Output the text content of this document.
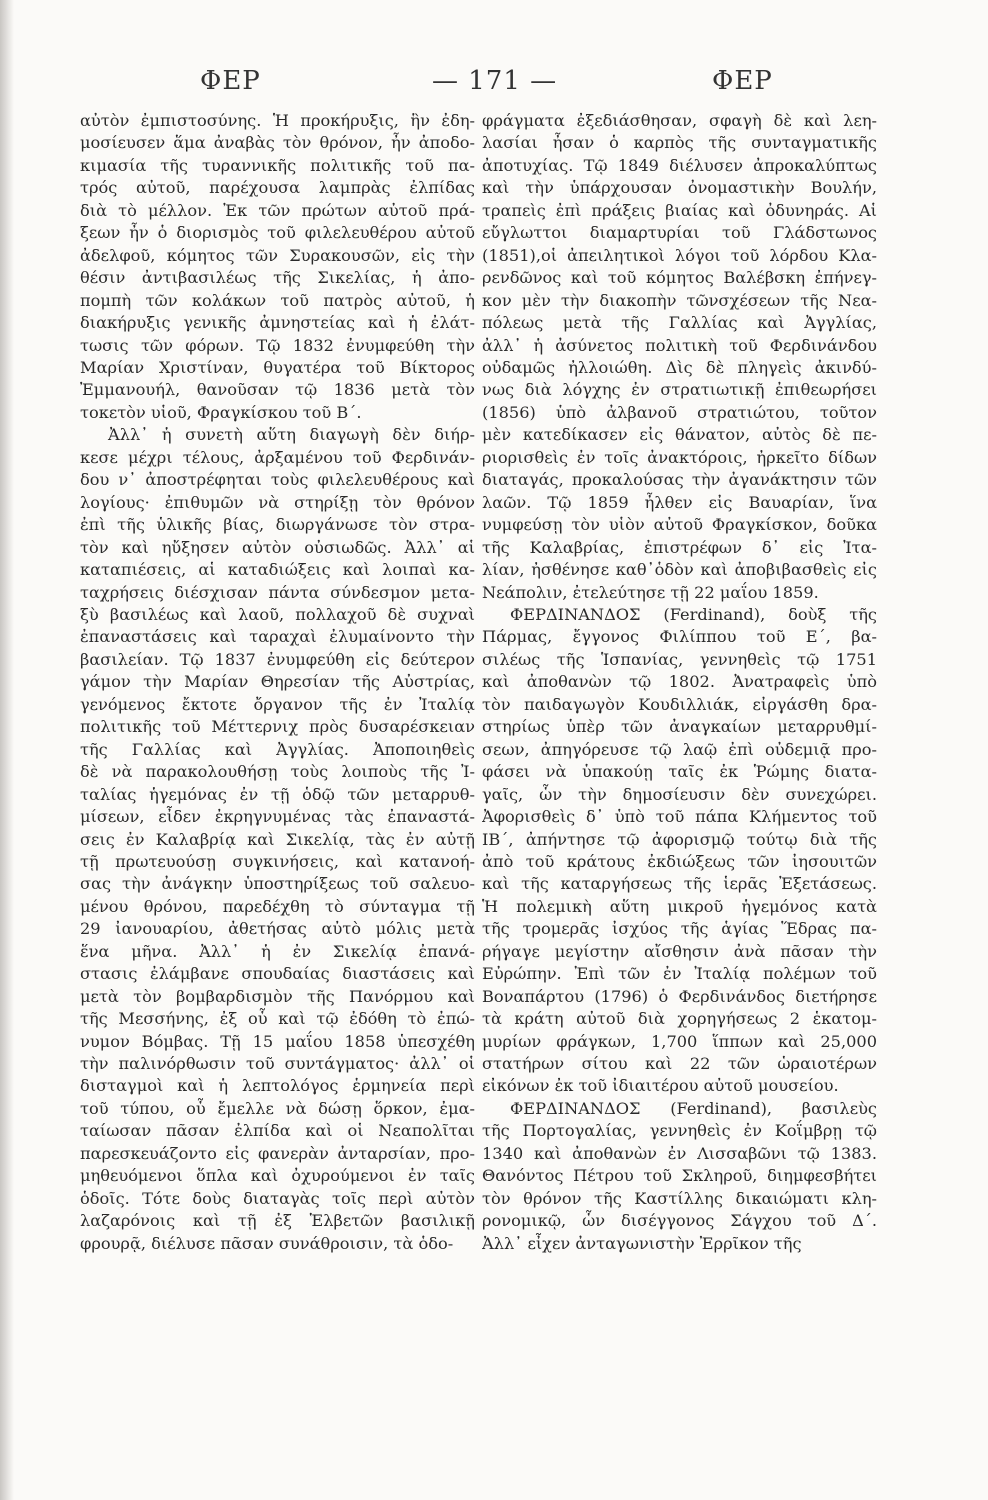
ΦΕΡ	— 171 —	ΦΕΡ
αὐτὸν ἐμπιστοσύνης. Ἡ προκήρυξις, ἣν ἐδη-
μοσίευσεν ἅμα ἀναβὰς τὸν θρόνον, ἦν ἀποδο-
κιμασία τῆς τυραννικῆς πολιτικῆς τοῦ πα-
τρός αὐτοῦ, παρέχουσα λαμπρὰς ἐλπίδας
διὰ τὸ μέλλον. Ἐκ τῶν πρώτων αὐτοῦ πρά-
ξεων ἦν ὁ διορισμὸς τοῦ φιλελευθέρου αὐτοῦ
ἀδελφοῦ, κόμητος τῶν Συρακουσῶν, εἰς τὴν
θέσιν ἀντιβασιλέως τῆς Σικελίας, ἡ ἀπο-
πομπὴ τῶν κολάκων τοῦ πατρὸς αὐτοῦ, ἡ
διακήρυξις γενικῆς ἀμνηστείας καὶ ἡ ἐλάτ-
τωσις τῶν φόρων. Τῷ 1832 ἐνυμφεύθη τὴν
Μαρίαν Χριστίναν, θυγατέρα τοῦ Βίκτορος
Ἐμμανουήλ, θανοῦσαν τῷ 1836 μετὰ τὸν
τοκετὸν υἱοῦ, Φραγκίσκου τοῦ Β΄.
Ἀλλ᾽ ἡ συνετὴ αὕτη διαγωγὴ δὲν διήρ-
κεσε μέχρι τέλους, ἀρξαμένου τοῦ Φερδινάν-
δου ν᾽ ἀποστρέφηται τοὺς φιλελευθέρους καὶ
λογίους· ἐπιθυμῶν νὰ στηρίξῃ τὸν θρόνον
ἐπὶ τῆς ὑλικῆς βίας, διωργάνωσε τὸν στρα-
τὸν καὶ ηὔξησεν αὐτὸν οὐσιωδῶς. Ἀλλ᾽ αἱ
καταπιέσεις, αἱ καταδιώξεις καὶ λοιπαὶ κα-
ταχρήσεις διέσχισαν πάντα σύνδεσμον μετα-
ξὺ βασιλέως καὶ λαοῦ, πολλαχοῦ δὲ συχναὶ
ἐπαναστάσεις καὶ ταραχαὶ ἐλυμαίνοντο τὴν
βασιλείαν. Τῷ 1837 ἐνυμφεύθη εἰς δεύτερον
γάμον τὴν Μαρίαν Θηρεσίαν τῆς Αὐστρίας,
γενόμενος ἔκτοτε ὄργανον τῆς ἐν Ἰταλίᾳ
πολιτικῆς τοῦ Μέττερνιχ πρὸς δυσαρέσκειαν
τῆς Γαλλίας καὶ Ἀγγλίας. Ἀποποιηθεὶς
δὲ νὰ παρακολουθήσῃ τοὺς λοιποὺς τῆς Ἰ-
ταλίας ἡγεμόνας ἐν τῇ ὁδῷ τῶν μεταρρυθ-
μίσεων, εἶδεν ἐκρηγνυμένας τὰς ἐπαναστά-
σεις ἐν Καλαβρίᾳ καὶ Σικελίᾳ, τὰς ἐν αὐτῇ
τῇ πρωτευούσῃ συγκινήσεις, καὶ κατανοή-
σας τὴν ἀνάγκην ὑποστηρίξεως τοῦ σαλευο-
μένου θρόνου, παρεδέχθη τὸ σύνταγμα τῇ
29 ἰανουαρίου, ἀθετήσας αὐτὸ μόλις μετὰ
ἕνα μῆνα. Ἀλλ᾽ ἡ ἐν Σικελίᾳ ἐπανά-
στασις ἐλάμβανε σπουδαίας διαστάσεις καὶ
μετὰ τὸν βομβαρδισμὸν τῆς Πανόρμου καὶ
τῆς Μεσσήνης, ἐξ οὗ καὶ τῷ ἐδόθη τὸ ἐπώ-
νυμον Βόμβας. Τῇ 15 μαΐου 1858 ὑπεσχέθη
τὴν παλινόρθωσιν τοῦ συντάγματος· ἀλλ᾽ οἱ
δισταγμοὶ καὶ ἡ λεπτολόγος ἑρμηνεία περὶ
τοῦ τύπου, οὗ ἔμελλε νὰ δώσῃ ὅρκον, ἐμα-
ταίωσαν πᾶσαν ἐλπίδα καὶ οἱ Νεαπολῖται
παρεσκευάζοντο εἰς φανερὰν ἀνταρσίαν, προ-
μηθευόμενοι ὅπλα καὶ ὀχυρούμενοι ἐν ταῖς
ὁδοῖς. Τότε δοὺς διαταγὰς τοῖς περὶ αὐτὸν
λαζαρόνοις καὶ τῇ ἐξ Ἑλβετῶν βασιλικῇ
φρουρᾷ, διέλυσε πᾶσαν συνάθροισιν, τὰ ὁδο-
φράγματα ἐξεδιάσθησαν, σφαγὴ δὲ καὶ λεη-
λασίαι ἦσαν ὁ καρπὸς τῆς συνταγματικῆς
ἀποτυχίας. Τῷ 1849 διέλυσεν ἀπροκαλύπτως
καὶ τὴν ὑπάρχουσαν ὀνομαστικὴν Βουλήν,
τραπεὶς ἐπὶ πράξεις βιαίας καὶ ὀδυνηράς. Αἱ
εὔγλωττοι διαμαρτυρίαι τοῦ Γλάδστωνος
(1851),οἱ ἀπειλητικοὶ λόγοι τοῦ λόρδου Κλα-
ρενδῶνος καὶ τοῦ κόμητος Βαλέβσκη ἐπήνεγ-
κον μὲν τὴν διακοπὴν τῶνσχέσεων τῆς Νεα-
πόλεως μετὰ τῆς Γαλλίας καὶ Ἀγγλίας,
ἀλλ᾽ ἡ ἀσύνετος πολιτικὴ τοῦ Φερδινάνδου
οὐδαμῶς ἠλλοιώθη. Δὶς δὲ πληγεὶς ἀκινδύ-
νως διὰ λόγχης ἐν στρατιωτικῇ ἐπιθεωρήσει
(1856) ὑπὸ ἀλβανοῦ στρατιώτου, τοῦτον
μὲν κατεδίκασεν εἰς θάνατον, αὐτὸς δὲ πε-
ριορισθεὶς ἐν τοῖς ἀνακτόροις, ἠρκεῖτο δίδων
διαταγάς, προκαλούσας τὴν ἀγανάκτησιν τῶν
λαῶν. Τῷ 1859 ἦλθεν εἰς Βαυαρίαν, ἵνα
νυμφεύσῃ τὸν υἱὸν αὐτοῦ Φραγκίσκον, δοῦκα
τῆς Καλαβρίας, ἐπιστρέφων δ᾽ εἰς Ἰτα-
λίαν, ἠσθένησε καθ᾽ὁδὸν καὶ ἀποβιβασθεὶς εἰς
Νεάπολιν, ἐτελεύτησε τῇ 22 μαΐου 1859.
ΦΕΡΔΙΝΑΝΔΟΣ (Ferdinand), δοὺξ τῆς
Πάρμας, ἔγγονος Φιλίππου τοῦ Ε΄, βα-
σιλέως τῆς Ἱσπανίας, γεννηθεὶς τῷ 1751
καὶ ἀποθανὼν τῷ 1802. Ἀνατραφεὶς ὑπὸ
τὸν παιδαγωγὸν Κουδιλλιάκ, εἰργάσθη δρα-
στηρίως ὑπὲρ τῶν ἀναγκαίων μεταρρυθμί-
σεων, ἀπηγόρευσε τῷ λαῷ ἐπὶ οὐδεμιᾷ προ-
φάσει νὰ ὑπακούῃ ταῖς ἐκ Ῥώμης διατα-
γαῖς, ὧν τὴν δημοσίευσιν δὲν συνεχώρει.
Ἀφορισθεὶς δ᾽ ὑπὸ τοῦ πάπα Κλήμεντος τοῦ
ΙΒ΄, ἀπήντησε τῷ ἀφορισμῷ τούτῳ διὰ τῆς
ἀπὸ τοῦ κράτους ἐκδιώξεως τῶν ἰησουιτῶν
καὶ τῆς καταργήσεως τῆς ἱερᾶς Ἐξετάσεως.
Ἡ πολεμικὴ αὕτη μικροῦ ἡγεμόνος κατὰ
τῆς τρομερᾶς ἰσχύος τῆς ἁγίας Ἕδρας πα-
ρήγαγε μεγίστην αἴσθησιν ἀνὰ πᾶσαν τὴν
Εὐρώπην. Ἐπὶ τῶν ἐν Ἰταλίᾳ πολέμων τοῦ
Βοναπάρτου (1796) ὁ Φερδινάνδος διετήρησε
τὰ κράτη αὐτοῦ διὰ χορηγήσεως 2 ἑκατομ-
μυρίων φράγκων, 1,700 ἵππων καὶ 25,000
στατήρων σίτου καὶ 22 τῶν ὡραιοτέρων
εἰκόνων ἐκ τοῦ ἰδιαιτέρου αὐτοῦ μουσείου.
ΦΕΡΔΙΝΑΝΔΟΣ (Ferdinand), βασιλεὺς
τῆς Πορτογαλίας, γεννηθεὶς ἐν Κοΐμβρῃ τῷ
1340 καὶ ἀποθανὼν ἐν Λισσαβῶνι τῷ 1383.
Θανόντος Πέτρου τοῦ Σκληροῦ, διημφεσβήτει
τὸν θρόνον τῆς Καστίλλης δικαιώματι κλη-
ρονομικῷ, ὧν δισέγγονος Σάγχου τοῦ Δ΄.
Ἀλλ᾽ εἶχεν ἀνταγωνιστὴν Ἐρρῖκον τῆς
